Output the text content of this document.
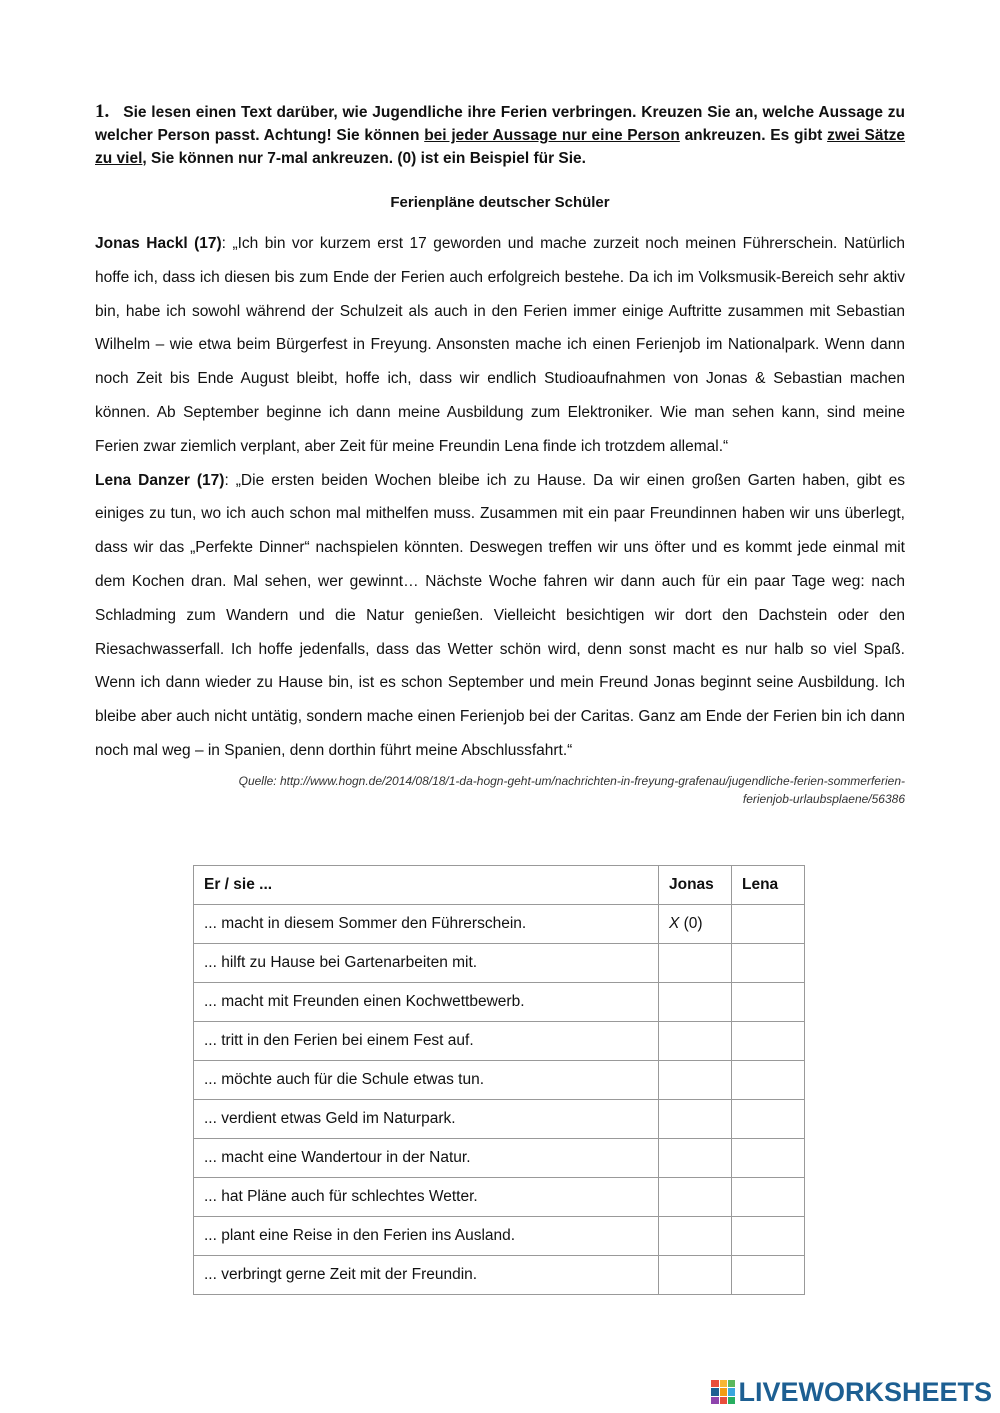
1. Sie lesen einen Text darüber, wie Jugendliche ihre Ferien verbringen. Kreuzen Sie an, welche Aussage zu welcher Person passt. Achtung! Sie können bei jeder Aussage nur eine Person ankreuzen. Es gibt zwei Sätze zu viel, Sie können nur 7-mal ankreuzen. (0) ist ein Beispiel für Sie.
Ferienpläne deutscher Schüler

Jonas Hackl (17): „Ich bin vor kurzem erst 17 geworden und mache zurzeit noch meinen Führerschein. Natürlich hoffe ich, dass ich diesen bis zum Ende der Ferien auch erfolgreich bestehe. Da ich im Volksmusik-Bereich sehr aktiv bin, habe ich sowohl während der Schulzeit als auch in den Ferien immer einige Auftritte zusammen mit Sebastian Wilhelm – wie etwa beim Bürgerfest in Freyung. Ansonsten mache ich einen Ferienjob im Nationalpark. Wenn dann noch Zeit bis Ende August bleibt, hoffe ich, dass wir endlich Studioaufnahmen von Jonas & Sebastian machen können. Ab September beginne ich dann meine Ausbildung zum Elektroniker. Wie man sehen kann, sind meine Ferien zwar ziemlich verplant, aber Zeit für meine Freundin Lena finde ich trotzdem allemal.“

Lena Danzer (17): „Die ersten beiden Wochen bleibe ich zu Hause. Da wir einen großen Garten haben, gibt es einiges zu tun, wo ich auch schon mal mithelfen muss. Zusammen mit ein paar Freundinnen haben wir uns überlegt, dass wir das „Perfekte Dinner“ nachspielen könnten. Deswegen treffen wir uns öfter und es kommt jede einmal mit dem Kochen dran. Mal sehen, wer gewinnt… Nächste Woche fahren wir dann auch für ein paar Tage weg: nach Schladming zum Wandern und die Natur genießen. Vielleicht besichtigen wir dort den Dachstein oder den Riesachwasserfall. Ich hoffe jedenfalls, dass das Wetter schön wird, denn sonst macht es nur halb so viel Spaß. Wenn ich dann wieder zu Hause bin, ist es schon September und mein Freund Jonas beginnt seine Ausbildung. Ich bleibe aber auch nicht untätig, sondern mache einen Ferienjob bei der Caritas. Ganz am Ende der Ferien bin ich dann noch mal weg – in Spanien, denn dorthin führt meine Abschlussfahrt.“

Quelle: http://www.hogn.de/2014/08/18/1-da-hogn-geht-um/nachrichten-in-freyung-grafenau/jugendliche-ferien-sommerferien-
ferienjob-urlaubsplaene/56386
Er / sie ...	Jonas	Lena
... macht in diesem Sommer den Führerschein.	X (0)	
... hilft zu Hause bei Gartenarbeiten mit.		
... macht mit Freunden einen Kochwettbewerb.		
... tritt in den Ferien bei einem Fest auf.		
... möchte auch für die Schule etwas tun.		
... verdient etwas Geld im Naturpark.		
... macht eine Wandertour in der Natur.		
... hat Pläne auch für schlechtes Wetter.		
... plant eine Reise in den Ferien ins Ausland.		
... verbringt gerne Zeit mit der Freundin.		
LIVEWORKSHEETS
